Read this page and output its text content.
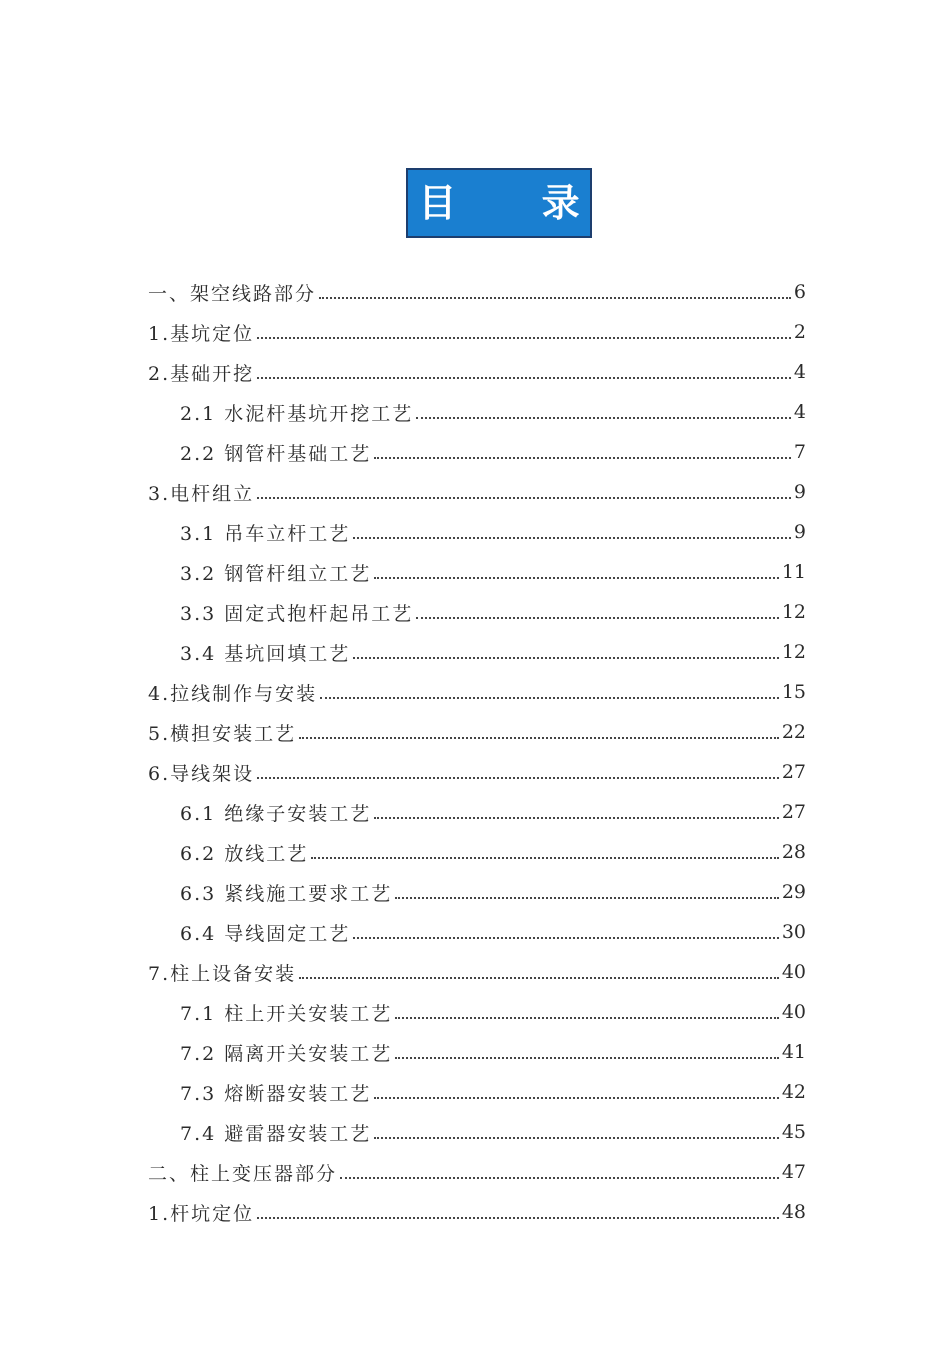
目 录
一、架空线路部分	6
1.基坑定位	2
2.基础开挖	4
2.1 水泥杆基坑开挖工艺	4
2.2 钢管杆基础工艺	7
3.电杆组立	9
3.1 吊车立杆工艺	9
3.2 钢管杆组立工艺	11
3.3 固定式抱杆起吊工艺	12
3.4 基坑回填工艺	12
4.拉线制作与安装	15
5.横担安装工艺	22
6.导线架设	27
6.1 绝缘子安装工艺	27
6.2 放线工艺	28
6.3 紧线施工要求工艺	29
6.4 导线固定工艺	30
7.柱上设备安装	40
7.1 柱上开关安装工艺	40
7.2 隔离开关安装工艺	41
7.3 熔断器安装工艺	42
7.4 避雷器安装工艺	45
二、柱上变压器部分	47
1.杆坑定位	48
